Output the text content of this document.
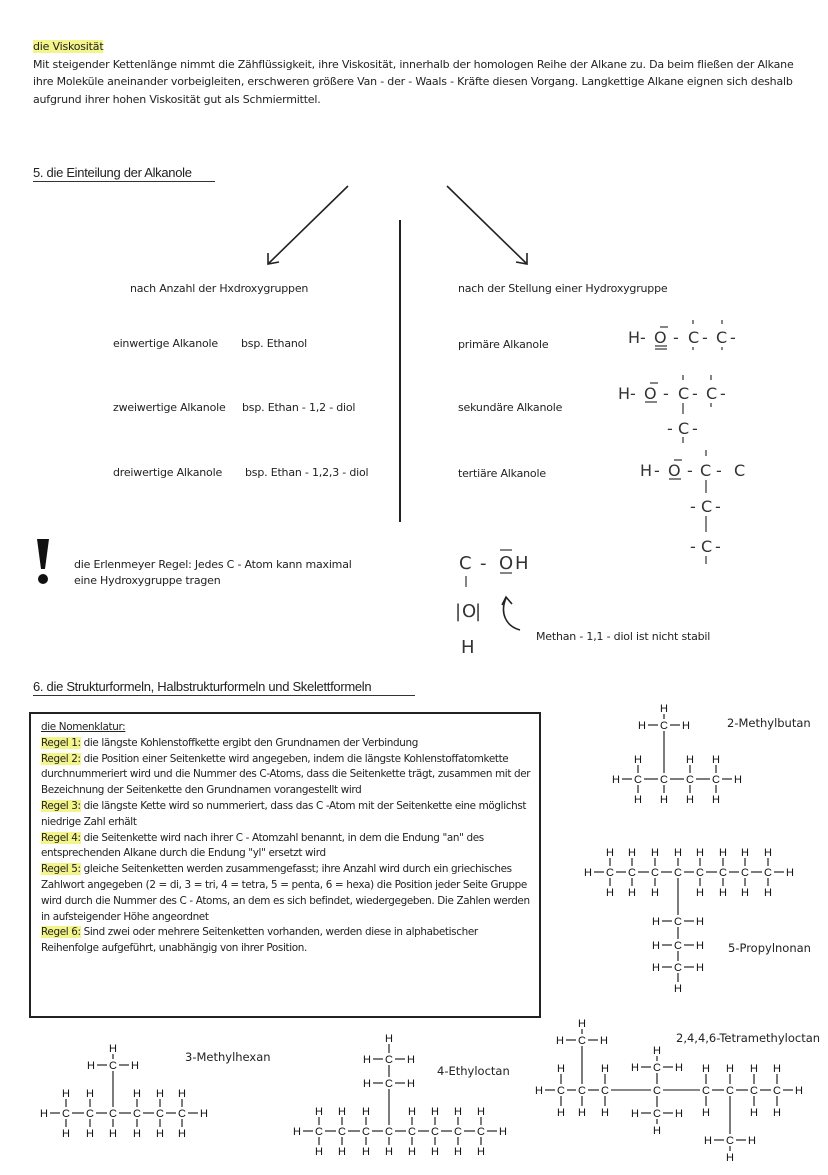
die Viskosität
Mit steigender Kettenlänge nimmt die Zähflüssigkeit, ihre Viskosität, innerhalb der homologen Reihe der Alkane zu. Da beim fließen der Alkane ihre Moleküle aneinander vorbeigleiten, erschweren größere Van - der - Waals - Kräfte diesen Vorgang. Langkettige Alkane eignen sich deshalb aufgrund ihrer hohen Viskosität gut als Schmiermittel.
5. die Einteilung der Alkanole
nach Anzahl der Hxdroxygruppen
einwertige Alkanole bsp. Ethanol
zweiwertige Alkanole bsp. Ethan - 1,2 - diol
dreiwertige Alkanole bsp. Ethan - 1,2,3 - diol
nach der Stellung einer Hydroxygruppe
primäre Alkanole
sekundäre Alkanole
tertiäre Alkanole
H - O - C - C -
H - O - C - C -
- C -
H - O - C - C
- C -
- C -
die Erlenmeyer Regel: Jedes C - Atom kann maximal eine Hydroxygruppe tragen
C - O H
| O
|
H
Methan - 1,1 - diol ist nicht stabil
6. die Strukturformeln, Halbstrukturformeln und Skelettformeln

die Nomenklatur:

Regel 1: die längste Kohlenstoffkette ergibt den Grundnamen der Verbindung

Regel 2: die Position einer Seitenkette wird angegeben, indem die längste Kohlenstoffatomkette durchnummeriert wird und die Nummer des C-Atoms, dass die Seitenkette trägt, zusammen mit der Bezeichnung der Seitenkette den Grundnamen vorangestellt wird

Regel 3: die längste Kette wird so nummeriert, dass das C -Atom mit der Seitenkette eine möglichst niedrige Zahl erhält

Regel 4: die Seitenkette wird nach ihrer C - Atomzahl benannt, in dem die Endung "an" des entsprechenden Alkane durch die Endung "yl" ersetzt wird

Regel 5: gleiche Seitenketten werden zusammengefasst; ihre Anzahl wird durch ein griechisches Zahlwort angegeben (2 = di, 3 = tri, 4 = tetra, 5 = penta, 6 = hexa) die Position jeder Seite Gruppe wird durch die Nummer des C - Atoms, an dem es sich befindet, wiedergegeben. Die Zahlen werden in aufsteigender Höhe angeordnet

Regel 6: Sind zwei oder mehrere Seitenketten vorhanden, werden diese in alphabetischer Reihenfolge aufgeführt, unabhängig von ihrer Position.

2-Methylbutan
5-Propylnonan
3-Methylhexan
4-Ethyloctan
2,4,4,6-Tetramethyloctan
H	H
C
H
H
C
H
C
H
H
C
H
H
C
H	H
H
H	H
C
H
H
C
H
H
C
H
H
C
H
C
H
H
C
H
H
C
H
H
C
H
H
C
H	H
C
H	H
C
H	H
H
H	H
C
H
H
C
H
H
C
H
C
H
H
C
H
H
C
H
H
C
H	H
H
H	H
C
H
H
C
H
H
C
H
H
C
H
C
H
H
C
H
H
C
H
H
C
H
H
C
H	H
C
H	H
H
H	H
C
H
H
C
H
C
H
H
C	C
H
H
C
H
C
H
H
C
H
H
C
H	H
H
C
H	H
H
C
H	H
H
C
H	H
H
